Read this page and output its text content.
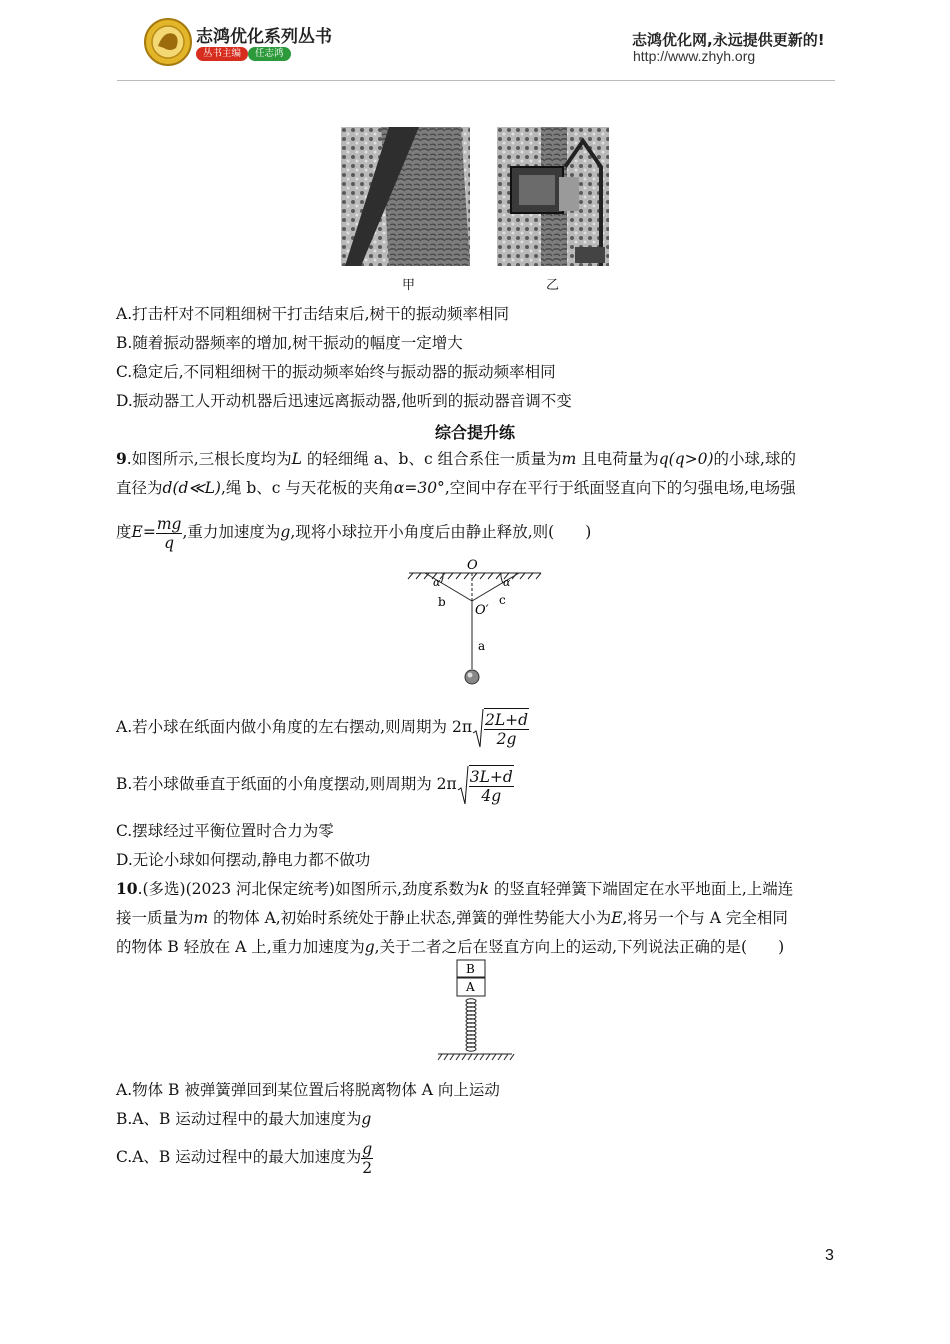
志鸿优化系列丛书
丛书主编	任志鸿
志鸿优化网,永远提供更新的!
http://www.zhyh.org
甲	乙
A.打击杆对不同粗细树干打击结束后,树干的振动频率相同
B.随着振动器频率的增加,树干振动的幅度一定增大
C.稳定后,不同粗细树干的振动频率始终与振动器的振动频率相同
D.振动器工人开动机器后迅速远离振动器,他听到的振动器音调不变
综合提升练
9.如图所示,三根长度均为L 的轻细绳 a、b、c 组合系住一质量为m 且电荷量为q(q>0)的小球,球的
直径为d(d≪L),绳 b、c 与天花板的夹角α=30°,空间中存在平行于纸面竖直向下的匀强电场,电场强
度$E= \frac{mg}{q}$ ,重力加速度为g,现将小球拉开小角度后由静止释放,则(　　)
O
O′
α	α
b	c
a
A.若小球在纸面内做小角度的左右摆动,则周期为 $2\pi \frac{2L+d}{2g}$
B.若小球做垂直于纸面的小角度摆动,则周期为 $2\pi \frac{3L+d}{4g}$
C.摆球经过平衡位置时合力为零
D.无论小球如何摆动,静电力都不做功
10.(多选)(2023 河北保定统考)如图所示,劲度系数为k 的竖直轻弹簧下端固定在水平地面上,上端连
接一质量为m 的物体 A,初始时系统处于静止状态,弹簧的弹性势能大小为E,将另一个与 A 完全相同
的物体 B 轻放在 A 上,重力加速度为g,关于二者之后在竖直方向上的运动,下列说法正确的是(　　)
B
A
A.物体 B 被弹簧弹回到某位置后将脱离物体 A 向上运动
B.A、B 运动过程中的最大加速度为g
C.A、B 运动过程中的最大加速度为 $\frac{g}{2}$
3
